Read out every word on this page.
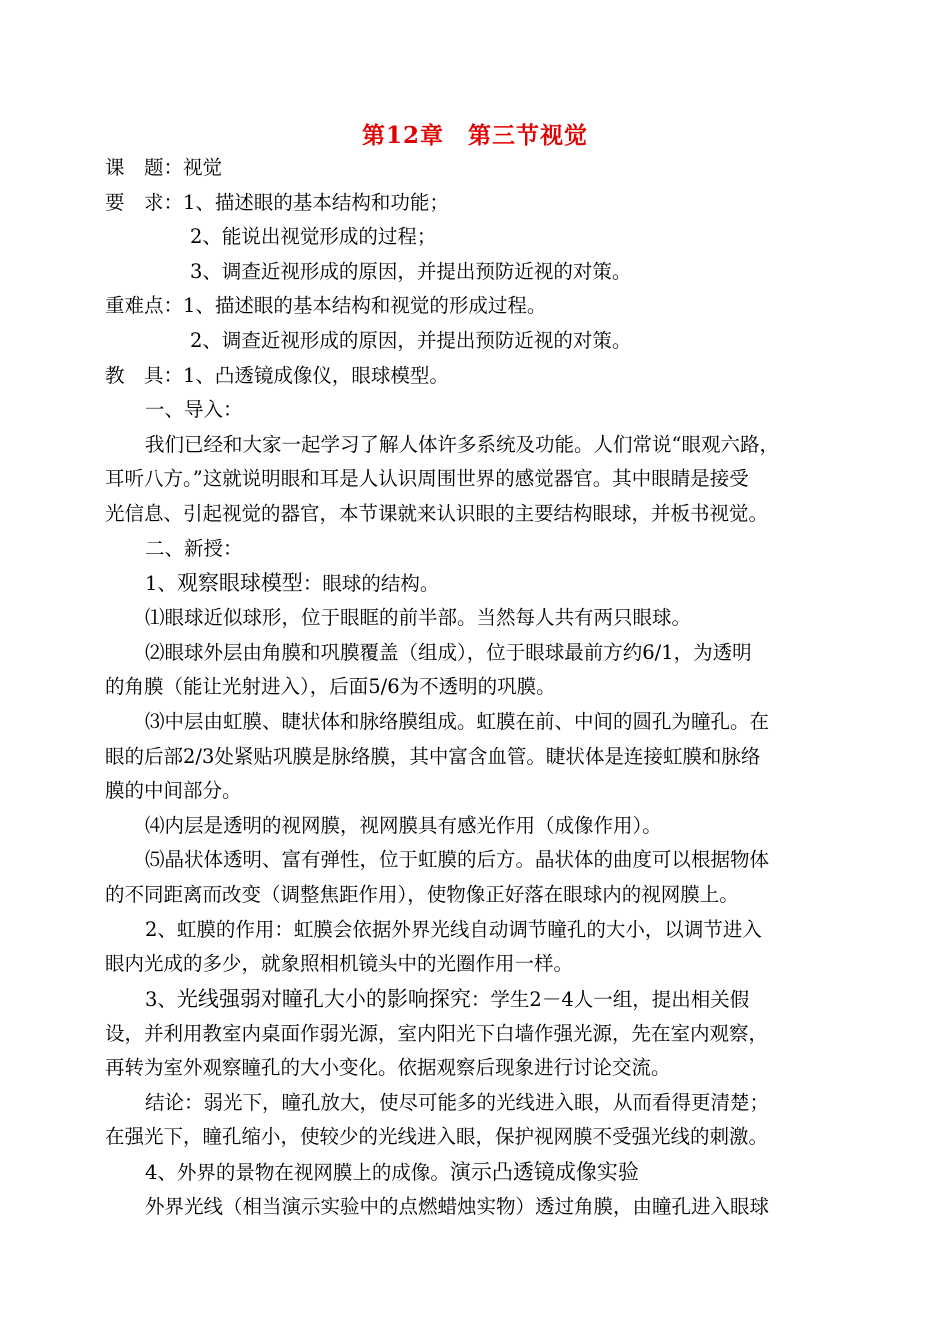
第12章　第三节视觉
课　题：视觉
要　求：1、描述眼的基本结构和功能；
2、能说出视觉形成的过程；
3、调查近视形成的原因，并提出预防近视的对策。
重难点：1、描述眼的基本结构和视觉的形成过程。
2、调查近视形成的原因，并提出预防近视的对策。
教　具：1、凸透镜成像仪，眼球模型。
一、导入：
我们已经和大家一起学习了解人体许多系统及功能。人们常说“眼观六路，
耳听八方。”这就说明眼和耳是人认识周围世界的感觉器官。其中眼睛是接受
光信息、引起视觉的器官，本节课就来认识眼的主要结构眼球，并板书视觉。
二、新授：
1、观察眼球模型：眼球的结构。
⑴眼球近似球形，位于眼眶的前半部。当然每人共有两只眼球。
⑵眼球外层由角膜和巩膜覆盖（组成），位于眼球最前方约6/1，为透明
的角膜（能让光射进入），后面5/6为不透明的巩膜。
⑶中层由虹膜、睫状体和脉络膜组成。虹膜在前、中间的圆孔为瞳孔。在
眼的后部2/3处紧贴巩膜是脉络膜，其中富含血管。睫状体是连接虹膜和脉络
膜的中间部分。
⑷内层是透明的视网膜，视网膜具有感光作用（成像作用）。
⑸晶状体透明、富有弹性，位于虹膜的后方。晶状体的曲度可以根据物体
的不同距离而改变（调整焦距作用），使物像正好落在眼球内的视网膜上。
2、虹膜的作用：虹膜会依据外界光线自动调节瞳孔的大小，以调节进入
眼内光成的多少，就象照相机镜头中的光圈作用一样。
3、光线强弱对瞳孔大小的影响探究：学生2－4人一组，提出相关假
设，并利用教室内桌面作弱光源，室内阳光下白墙作强光源，先在室内观察，
再转为室外观察瞳孔的大小变化。依据观察后现象进行讨论交流。
结论：弱光下，瞳孔放大，使尽可能多的光线进入眼，从而看得更清楚；
在强光下，瞳孔缩小，使较少的光线进入眼，保护视网膜不受强光线的刺激。
4、外界的景物在视网膜上的成像。演示凸透镜成像实验
外界光线（相当演示实验中的点燃蜡烛实物）透过角膜，由瞳孔进入眼球
